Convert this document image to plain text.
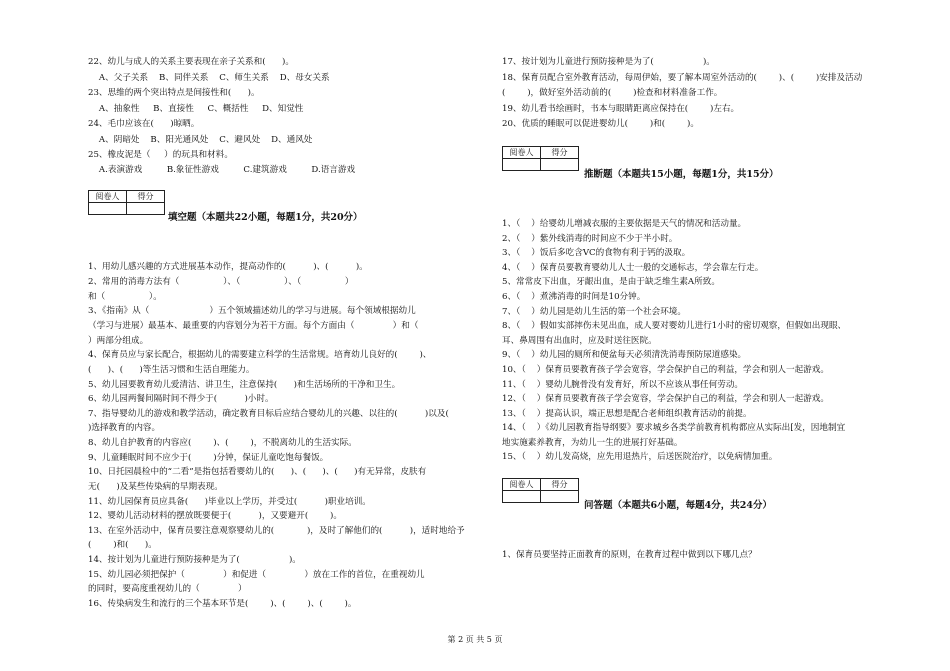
22、幼儿与成人的关系主要表现在亲子关系和(      )。
A、父子关系    B、同伴关系    C、师生关系    D、母女关系
23、思维的两个突出特点是间接性和(      )。
A、抽象性     B、直接性     C、概括性     D、知觉性
24、毛巾应该在(      )晾晒。
A、阴暗处    B、阳光通风处    C、避风处    D、通风处
25、橡皮泥是（     ）的玩具和材料。
A.表演游戏         B.象征性游戏         C.建筑游戏         D.语言游戏
阅卷人	得分

填空题（本题共22小题，每题1分，共20分）
1、用幼儿感兴趣的方式进展基本动作，提高动作的(          )、(          )。
2、常用的消毒方法有（                ）、（                ）、（                ）
和（                ）。
3、《指南》从（                      ）五个领域描述幼儿的学习与进展。每个领域根据幼儿
（学习与进展）最基本、最重要的内容划分为若干方面。每个方面由（              ）和（
）两部分组成。
4、保育员应与家长配合，根据幼儿的需要建立科学的生活常规。培育幼儿良好的(        )、
(      )、(      )等生活习惯和生活自理能力。
5、幼儿园要教育幼儿爱清洁、讲卫生，注意保持(      )和生活场所的干净和卫生。
6、幼儿园两餐间隔时间不得少于(          )小时。
7、指导婴幼儿的游戏和教学活动，确定教育目标后应结合婴幼儿的兴趣、以往的(          )以及(
)选择教育的内容。
8、幼儿自护教育的内容应(        )、(        )，不脱离幼儿的生活实际。
9、儿童睡眠时间不应少于(        )分钟，保证儿童吃饱每餐饭。
10、日托园晨检中的“二看”是指包括看婴幼儿的(      )、(      )、(      )有无异常，皮肤有
无(      )及某些传染病的早期表现。
11、幼儿园保育员应具备(      )毕业以上学历，并受过(          )职业培训。
12、婴幼儿活动材料的摆放既要便于(          )，又要避开(        )。
13、在室外活动中，保育员要注意观察婴幼儿的(            )，及时了解他们的(          )，适时地给予
(        )和(      )。
14、按计划为儿童进行预防接种是为了(                  )。
15、幼儿园必须把保护（              ）和促进（              ）放在工作的首位，在重视幼儿
的同时，要高度重视幼儿的（              ）
16、传染病发生和流行的三个基本环节是(        )、(        )、(        )。
17、按计划为儿童进行预防接种是为了(                  )。
18、保育员配合室外教育活动，每周伊始，要了解本周室外活动的(        )、(        )安排及活动
(        )，做好室外活动前的(        )检查和材料准备工作。
19、幼儿看书绘画时，书本与眼睛距离应保持在(        )左右。
20、优质的睡眠可以促进婴幼儿(        )和(        )。
阅卷人	得分

推断题（本题共15小题，每题1分，共15分）
1、（    ）给婴幼儿增减衣服的主要依据是天气的情况和活动量。
2、（    ）紫外线消毒的时间应不少于半小时。
3、（    ）饭后多吃含VC的食物有利于钙的汲取。
4、（    ）保育员要教育婴幼儿人士一般的交通标志，学会靠左行走。
5、常常皮下出血，牙龈出血，是由于缺乏维生素A所致。
6、（    ）煮沸消毒的时间是10分钟。
7、（    ）幼儿园是幼儿生活的第一个社会环境。
8、（    ）假如实部摔伤未见出血，成人要对婴幼儿进行1小时的密切观察，但假如出现眼、
耳、鼻周围有出血时，应及时送往医院。
9、（    ）幼儿园的厕所和便盆每天必须清洗消毒预防尿道感染。
10、（    ）保育员要教育孩子学会宽容，学会保护自己的利益，学会和别人一起游戏。
11、（    ）婴幼儿腕骨没有发育好，所以不应该从事任何劳动。
12、（    ）保育员要教育孩子学会宽容，学会保护自己的利益，学会和别人一起游戏。
13、（    ）提高认识，端正思想是配合老师组织教育活动的前提。
14、（    ）《幼儿园教育指导纲要》要求城乡各类学前教育机构都应从实际出[发，因地制宜
地实施素养教育，为幼儿一生的进展打好基础。
15、（    ）幼儿发高烧，应先用退热片，后送医院治疗，以免病情加重。
阅卷人	得分

问答题（本题共6小题，每题4分，共24分）
1、保育员要坚持正面教育的原则，在教育过程中做到以下哪几点？
第 2 页 共 5 页
